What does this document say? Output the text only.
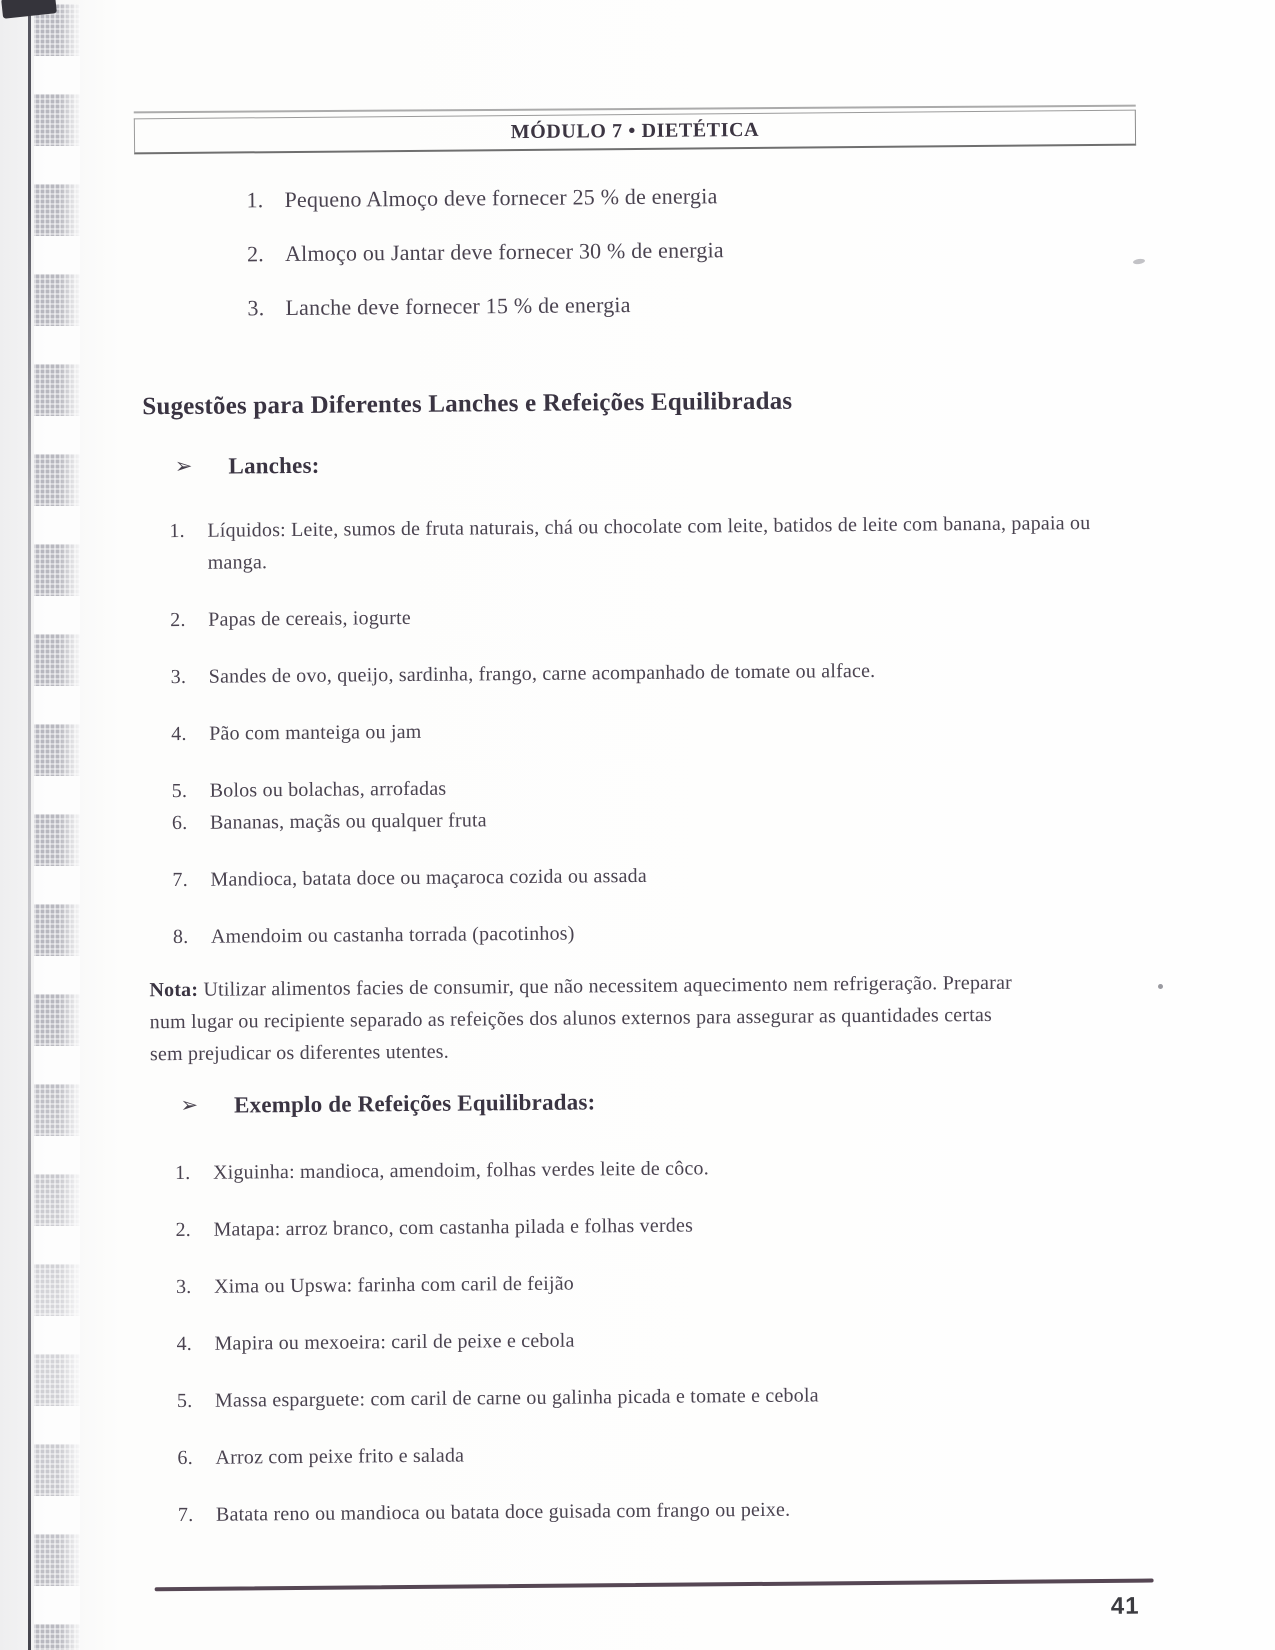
MÓDULO 7 • DIETÉTICA
1. Pequeno Almoço deve fornecer 25 % de energia
2. Almoço ou Jantar deve fornecer 30 % de energia
3. Lanche deve fornecer 15 % de energia
Sugestões para Diferentes Lanches e Refeições Equilibradas
➢ Lanches:
1. Líquidos: Leite, sumos de fruta naturais, chá ou chocolate com leite, batidos de leite com banana, papaia ou manga.
2. Papas de cereais, iogurte
3. Sandes de ovo, queijo, sardinha, frango, carne acompanhado de tomate ou alface.
4. Pão com manteiga ou jam
5. Bolos ou bolachas, arrofadas
6. Bananas, maçãs ou qualquer fruta
7. Mandioca, batata doce ou maçaroca cozida ou assada
8. Amendoim ou castanha torrada (pacotinhos)

Nota: Utilizar alimentos facies de consumir, que não necessitem aquecimento nem refrigeração. Preparar
num lugar ou recipiente separado as refeições dos alunos externos para assegurar as quantidades certas
sem prejudicar os diferentes utentes.

➢ Exemplo de Refeições Equilibradas:
1. Xiguinha: mandioca, amendoim, folhas verdes leite de côco.
2. Matapa: arroz branco, com castanha pilada e folhas verdes
3. Xima ou Upswa: farinha com caril de feijão
4. Mapira ou mexoeira: caril de peixe e cebola
5. Massa esparguete: com caril de carne ou galinha picada e tomate e cebola
6. Arroz com peixe frito e salada
7. Batata reno ou mandioca ou batata doce guisada com frango ou peixe.
41
